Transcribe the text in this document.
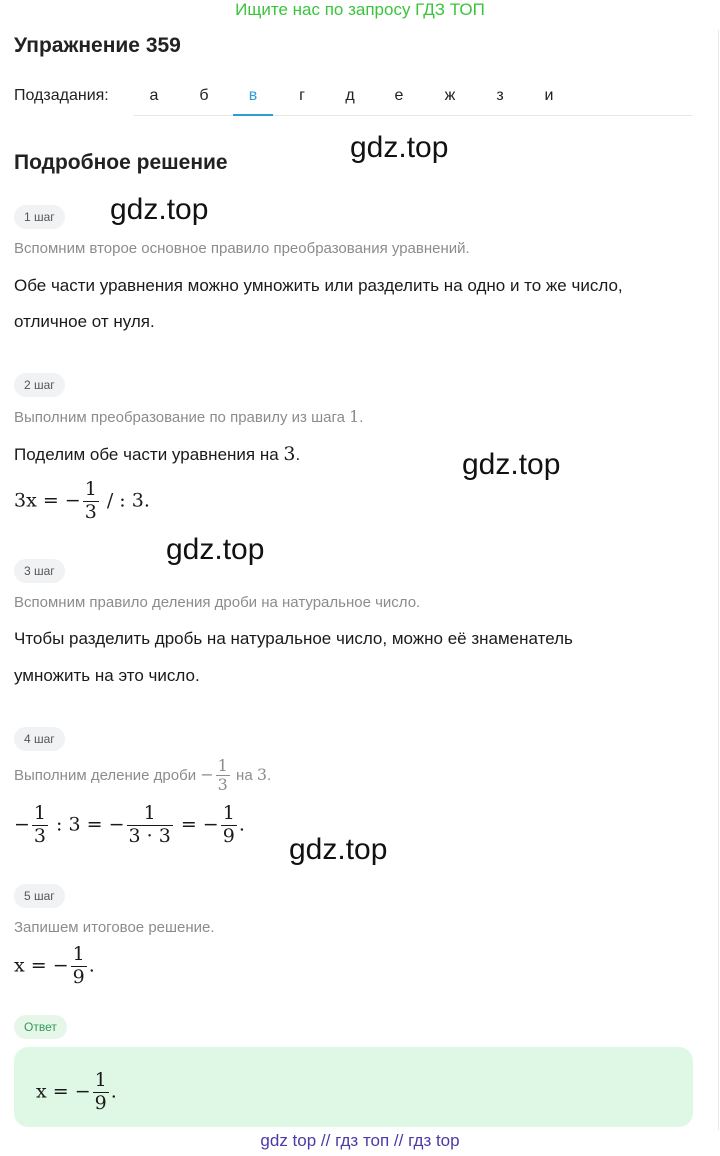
Ищите нас по запросу ГДЗ ТОП
Упражнение 359
Подзадания:	а	б	в	г	д	е	ж	з	и
Подробное решение	gdz.top
gdz.top
gdz.top
gdz.top
gdz.top
1 шаг
Вспомним второе основное правило преобразования уравнений.
Обе части уравнения можно умножить или разделить на одно и то же число,
отличное от нуля.
2 шаг
Выполним преобразование по правилу из шага 1.
Поделим обе части уравнения на 3.
3x = − $\frac{1}{3}$ / : 3.
3 шаг
Вспомним правило деления дроби на натуральное число.
Чтобы разделить дробь на натуральное число, можно её знаменатель
умножить на это число.
4 шаг
Выполним деление дроби − $\frac{1}{3}$ на 3.
− $\frac{1}{3}$ : 3 = − $\frac{1}{3 \cdot 3}$ = − $\frac{1}{9}$ .
5 шаг
Запишем итоговое решение.
x = − $\frac{1}{9}$ .
Ответ
x = − $\frac{1}{9}$ .
gdz top // гдз топ // гдз top
